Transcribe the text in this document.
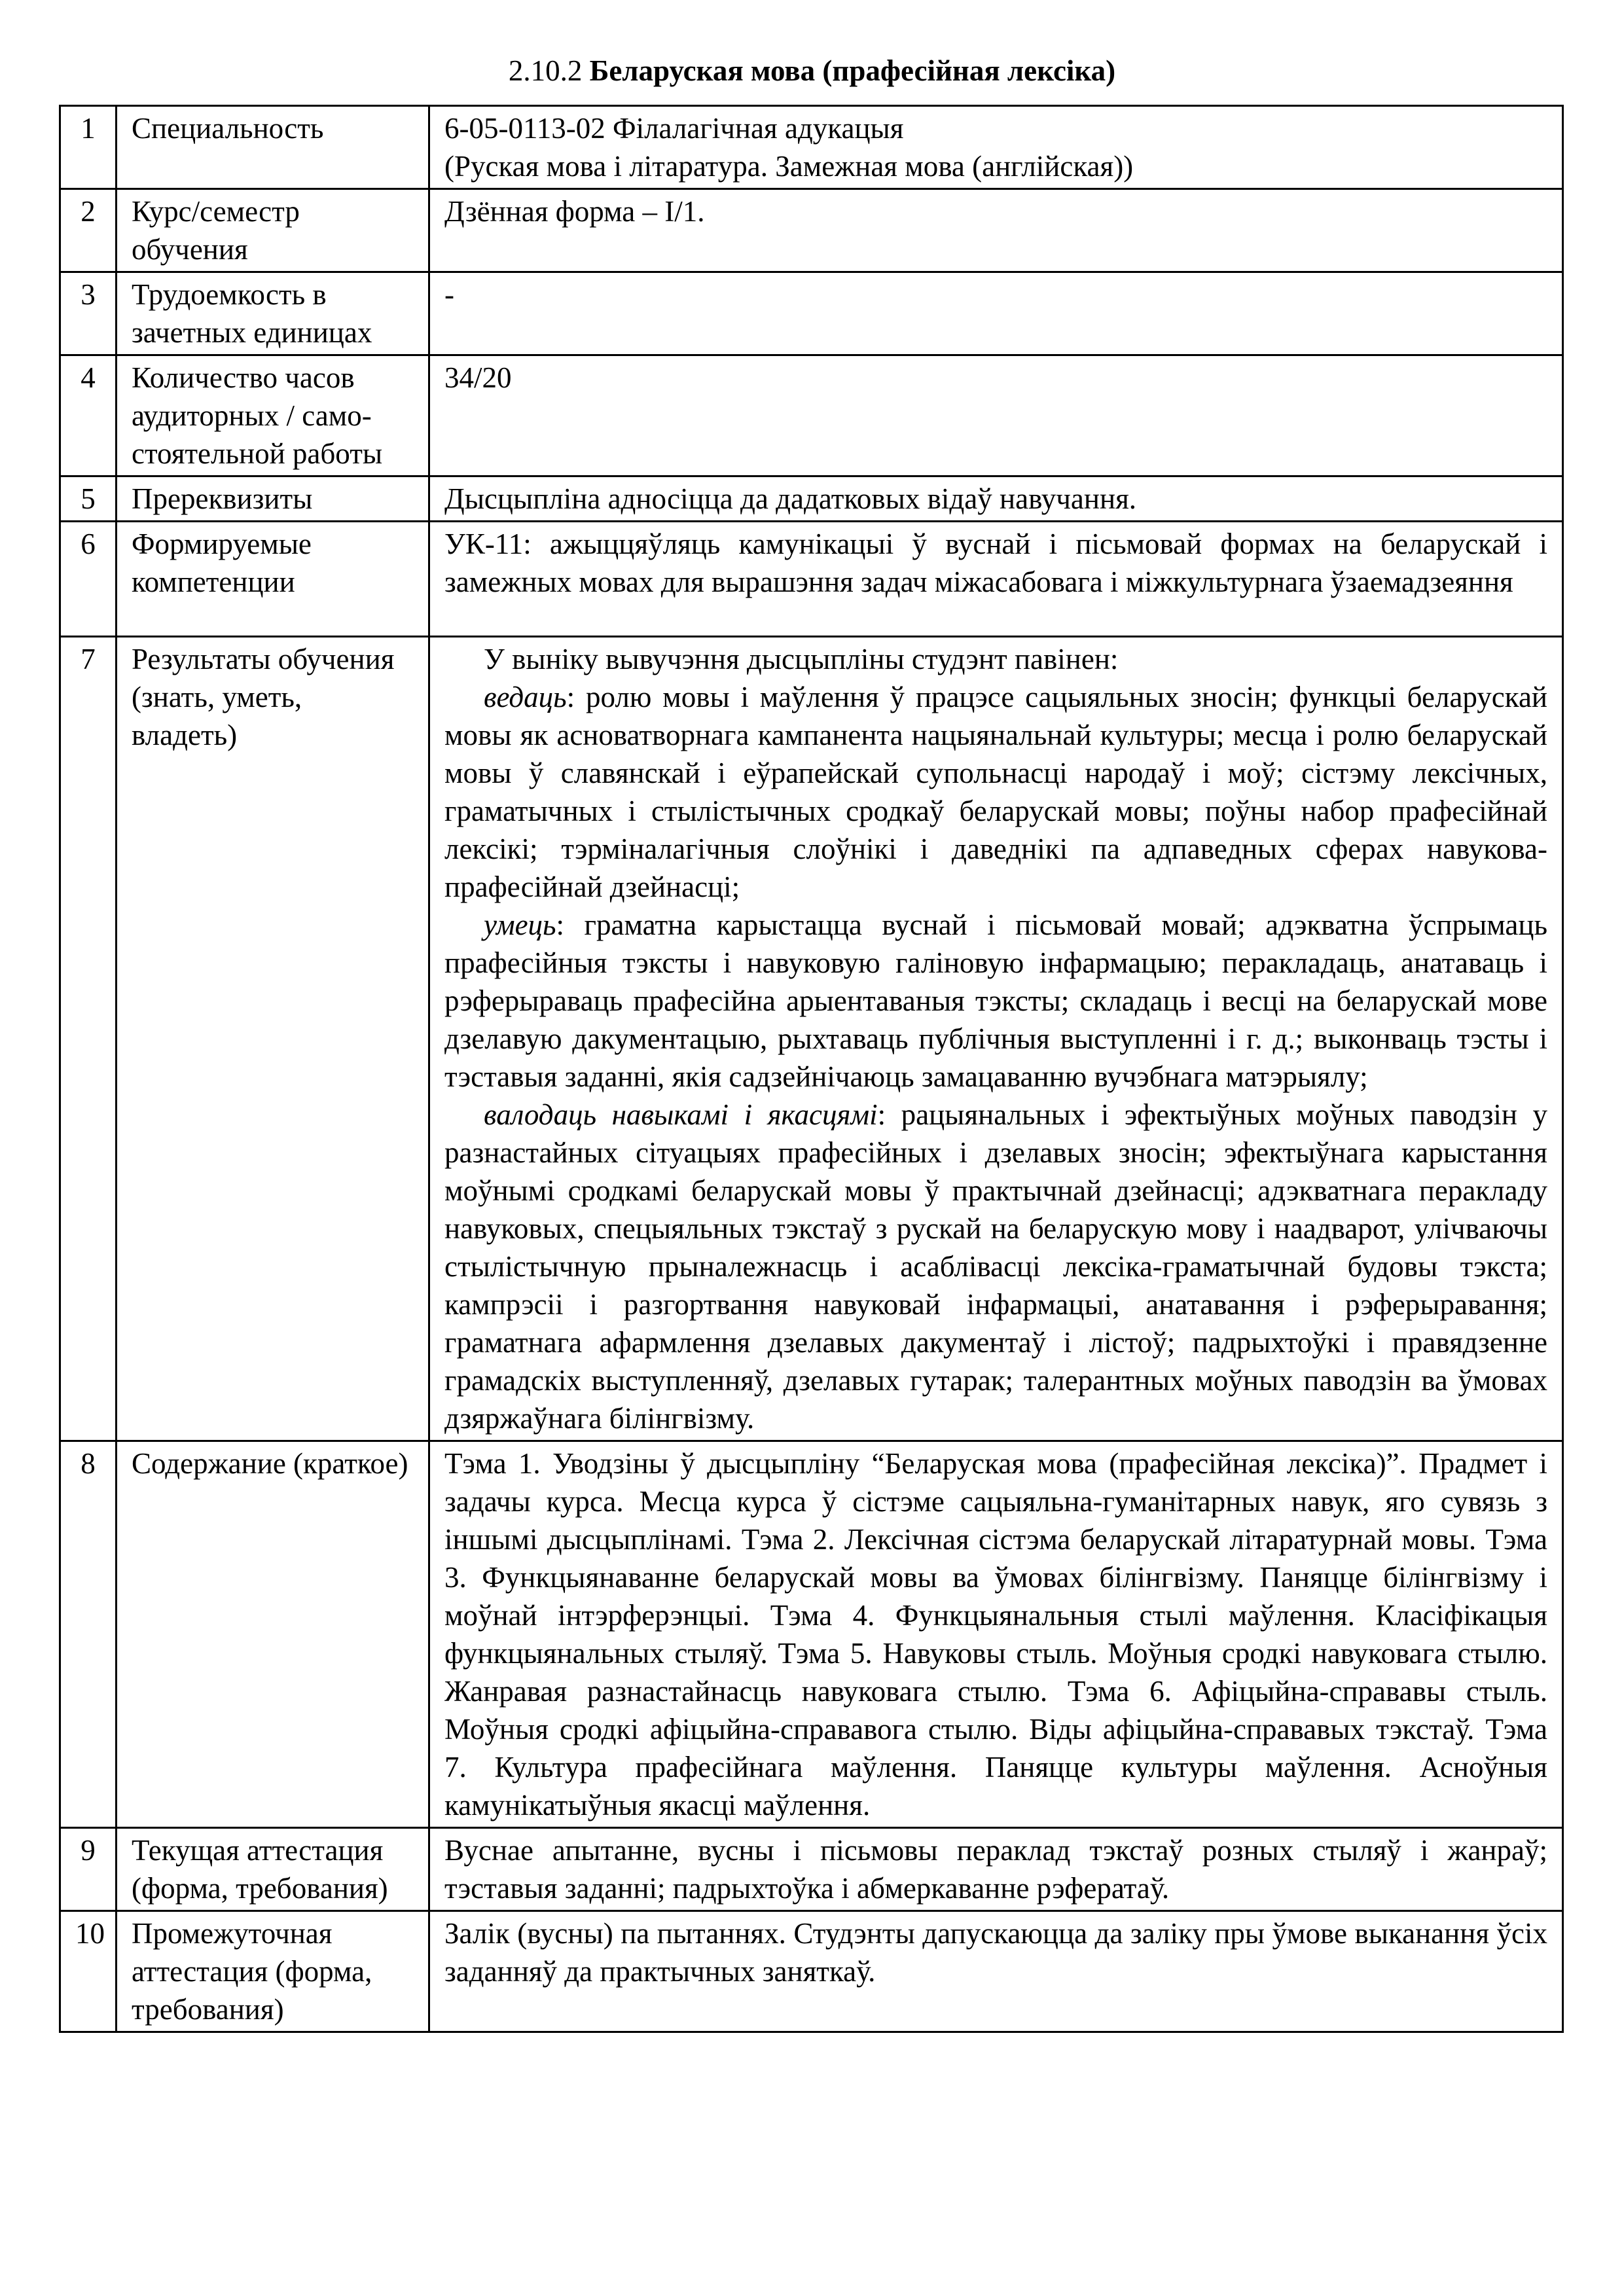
2.10.2 Беларуская мова (прафесійная лексіка)
1	Специальность	6-05-0113-02 Філалагічная адукацыя
(Руская мова і літаратура. Замежная мова (англійская))

2	Курс/семестр обучения	Дзённая форма – I/1.
3	Трудоемкость в зачетных единицах	-
4	Количество часов аудиторных / само-стоятельной работы	34/20
5	Пререквизиты	Дысцыпліна адносіцца да дадатковых відаў навучання.
6	Формируемые компетенции	УК-11: ажыццяўляць камунікацыі ў вуснай і пісьмовай формах на беларускай і замежных мовах для вырашэння задач міжасабовага і міжкультурнага ўзаемадзеяння
7	Результаты обучения (знать, уметь, владеть)	У выніку вывучэння дысцыпліны студэнт павінен:

ведаць: ролю мовы і маўлення ў працэсе сацыяльных зносін; функцыі беларускай мовы як асноватворнага кампанента нацыянальнай культуры; месца і ролю беларускай мовы ў славянскай і еўрапейскай супольнасці народаў і моў; сістэму лексічных, граматычных і стылістычных сродкаў беларускай мовы; поўны набор прафесійнай лексікі; тэрміналагічныя слоўнікі і даведнікі па адпаведных сферах навукова-прафесійнай дзейнасці;

умець: граматна карыстацца вуснай і пісьмовай мовай; адэкватна ўспрымаць прафесійныя тэксты і навуковую галіновую інфармацыю; перакладаць, анатаваць і рэферыраваць прафесійна арыентаваныя тэксты; складаць і весці на беларускай мове дзелавую дакументацыю, рыхтаваць публічныя выступленні і г. д.; выконваць тэсты і тэставыя заданні, якія садзейнічаюць замацаванню вучэбнага матэрыялу;

валодаць навыкамі і якасцямі: рацыянальных і эфектыўных моўных паводзін у разнастайных сітуацыях прафесійных і дзелавых зносін; эфектыўнага карыстання моўнымі сродкамі беларускай мовы ў практычнай дзейнасці; адэкватнага перакладу навуковых, спецыяльных тэкстаў з рускай на беларускую мову і наадварот, улічваючы стылістычную прыналежнасць і асаблівасці лексіка-граматычнай будовы тэкста; кампрэсіі і разгортвання навуковай інфармацыі, анатавання і рэферыравання; граматнага афармлення дзелавых дакументаў і лістоў; падрыхтоўкі і правядзенне грамадскіх выступленняў, дзелавых гутарак; талерантных моўных паводзін ва ўмовах дзяржаўнага білінгвізму.

8	Содержание (краткое)	Тэма 1. Уводзіны ў дысцыпліну “Беларуская мова (прафесійная лексіка)”. Прадмет і задачы курса. Месца курса ў сістэме сацыяльна-гуманітарных навук, яго сувязь з іншымі дысцыплінамі. Тэма 2. Лексічная сістэма беларускай літаратурнай мовы. Тэма 3. Функцыянаванне беларускай мовы ва ўмовах білінгвізму. Паняцце білінгвізму і моўнай інтэрферэнцыі. Тэма 4. Функцыянальныя стылі маўлення. Класіфікацыя функцыянальных стыляў. Тэма 5. Навуковы стыль. Моўныя сродкі навуковага стылю. Жанравая разнастайнасць навуковага стылю. Тэма 6. Афіцыйна-справавы стыль. Моўныя сродкі афіцыйна-справавога стылю. Віды афіцыйна-справавых тэкстаў. Тэма 7. Культура прафесійнага маўлення. Паняцце культуры маўлення. Асноўныя камунікатыўныя якасці маўлення.
9	Текущая аттестация (форма, требования)	Вуснае апытанне, вусны і пісьмовы пераклад тэкстаў розных стыляў і жанраў; тэставыя заданні; падрыхтоўка і абмеркаванне рэфератаў.
10	Промежуточная аттестация (форма, требования)	Залік (вусны) па пытаннях. Студэнты дапускаюцца да заліку пры ўмове выканання ўсіх заданняў да практычных заняткаў.
